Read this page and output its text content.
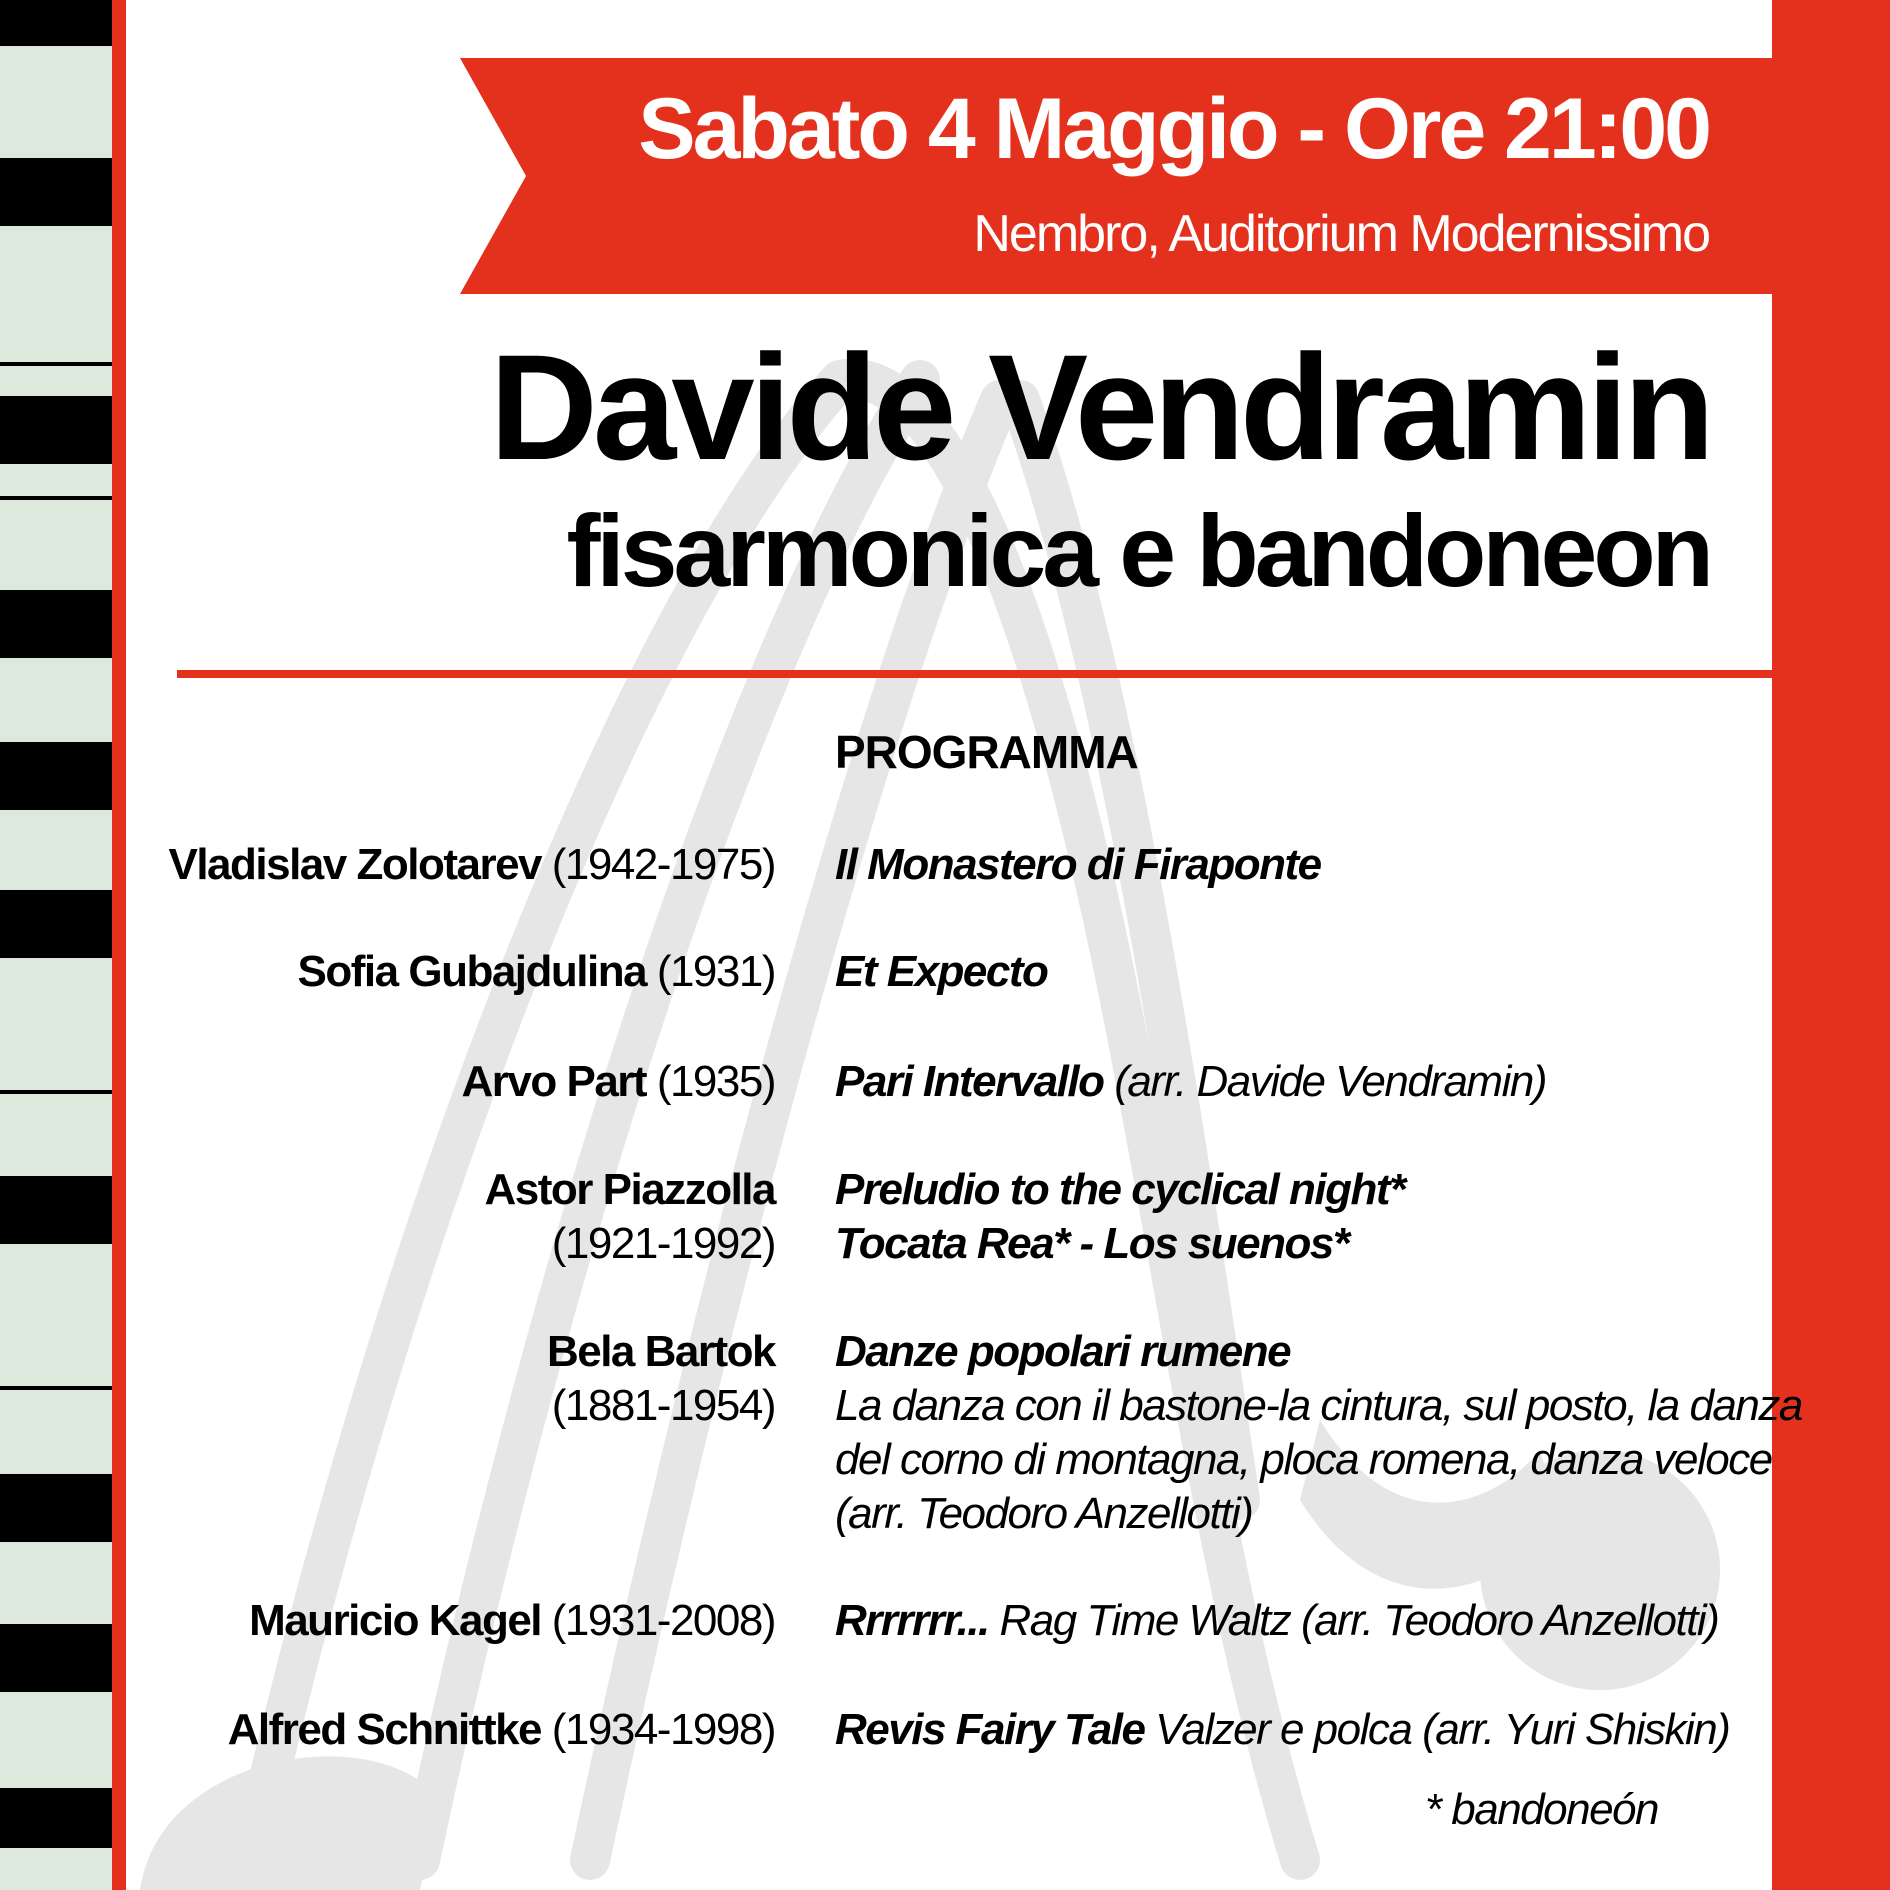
Sabato 4 Maggio - Ore 21:00
Nembro, Auditorium Modernissimo
Davide Vendramin
fisarmonica e bandoneon
PROGRAMMA
Vladislav Zolotarev (1942-1975) Il Monastero di Firaponte
Sofia Gubajdulina (1931) Et Expecto
Arvo Part (1935) Pari Intervallo (arr. Davide Vendramin)
Astor Piazzolla
(1921-1992)
Preludio to the cyclical night*
Tocata Rea* - Los suenos*
Bela Bartok
(1881-1954)
Danze popolari rumene
La danza con il bastone-la cintura, sul posto, la danza
del corno di montagna, ploca romena, danza veloce
(arr. Teodoro Anzellotti)
Mauricio Kagel (1931-2008) Rrrrrrr... Rag Time Waltz (arr. Teodoro Anzellotti)
Alfred Schnittke (1934-1998) Revis Fairy Tale Valzer e polca (arr. Yuri Shiskin)
* bandoneón
